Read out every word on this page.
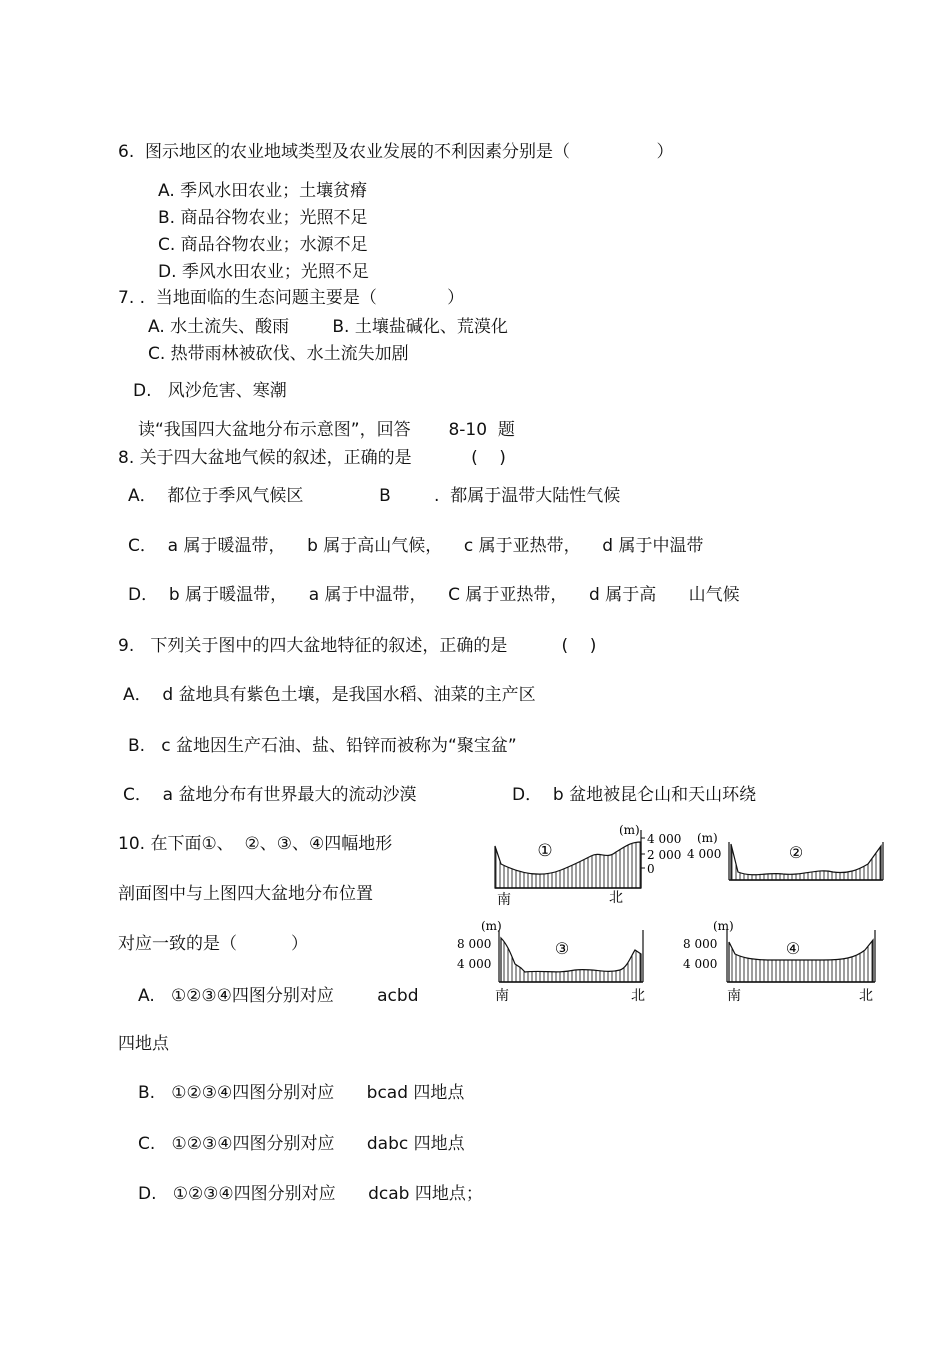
6.  图示地区的农业地域类型及农业发展的不利因素分别是（                ）
A. 季风水田农业；土壤贫瘠
B. 商品谷物农业；光照不足
C. 商品谷物农业；水源不足
D. 季风水田农业；光照不足
7. .  当地面临的生态问题主要是（             ）
A. 水土流失、酸雨        B. 土壤盐碱化、荒漠化
C. 热带雨林被砍伐、水土流失加剧
D.   风沙危害、寒潮
读“我国四大盆地分布示意图”，回答       8-10  题
8. 关于四大盆地气候的叙述，正确的是           (    )
A．  都位于季风气候区              B        .  都属于温带大陆性气候
C．  a 属于暖温带，    b 属于高山气候，    c 属于亚热带，    d 属于中温带
D．  b 属于暖温带，    a 属于中温带，    C 属于亚热带，    d 属于高      山气候
9.   下列关于图中的四大盆地特征的叙述，正确的是          (    )
A．  d 盆地具有紫色土壤，是我国水稻、油菜的主产区
B.   c 盆地因生产石油、盐、铅锌而被称为“聚宝盆”
C．  a 盆地分布有世界最大的流动沙漠	D．  b 盆地被昆仑山和天山环绕
10. 在下面①、  ②、③、④四幅地形
剖面图中与上图四大盆地分布位置
对应一致的是（          ）
A.   ①②③④四图分别对应        acbd
四地点
B.   ①②③④四图分别对应      bcad 四地点
C.   ①②③④四图分别对应      dabc 四地点
D.   ①②③④四图分别对应      dcab 四地点；
①
(m)
4 000
2 000
0
南	北
(m)
4 000	②
(m)
8 000
4 000
③
南	北
(m)
8 000
4 000
④
南	北
